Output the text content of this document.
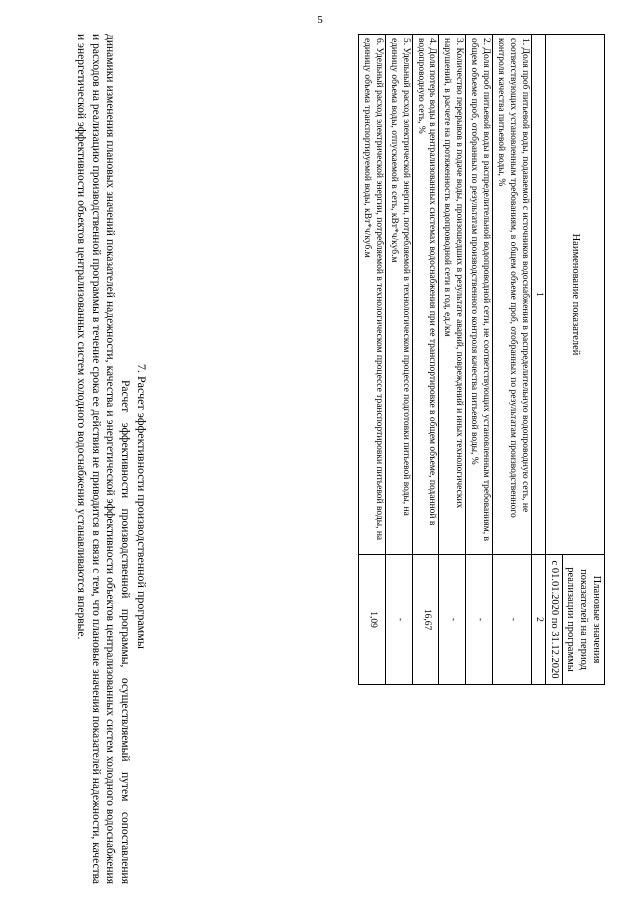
5
Наименование показателей	Плановые значения показателей на период реализации программы
	с 01.01.2020 по 31.12.2020
1	2
1. Доля проб питьевой воды, подаваемой с источников водоснабжения в распределительную водопроводную сеть, не соответствующих установленным требованиям, в общем объеме проб, отобранных по результатам производственного контроля качества питьевой воды, %	-
2. Доля проб питьевой воды в распределительной водопроводной сети, не соответствующих установленным требованиям, в общем объеме проб, отобранных по результатам производственного контроля качества питьевой воды, %	-
3. Количество перерывов в подаче воды, произошедших в результате аварий, повреждений и иных технологических нарушений, в расчете на протяженность водопроводной сети в год, ед./км	-
4. Доля потерь воды в централизованных системах водоснабжения при ее транспортировке в общем объеме, поданной в водопроводную сеть, %	16,67
5. Удельный расход электрической энергии, потребляемой в технологическом процессе подготовки питьевой воды, на единицу объема воды, отпускаемой в сеть, кВт*ч/куб.м	-
6. Удельный расход электрической энергии, потребляемой в технологическом процессе транспортировки питьевой воды, на единицу объема транспортируемой воды, кВт*ч/куб.м	1,09
7. Расчет эффективности производственной программы
Расчет эффективности производственной программы, осуществляемый путем сопоставления динамики изменения плановых значений показателей надежности, качества и энергетической эффективности объектов централизованных систем холодного водоснабжения и расходов на реализацию производственной программы в течение срока ее действия не приводится в связи с тем, что плановые значения показателей надежности, качества и энергетической эффективности объектов централизованных систем холодного водоснабжения устанавливаются впервые.
